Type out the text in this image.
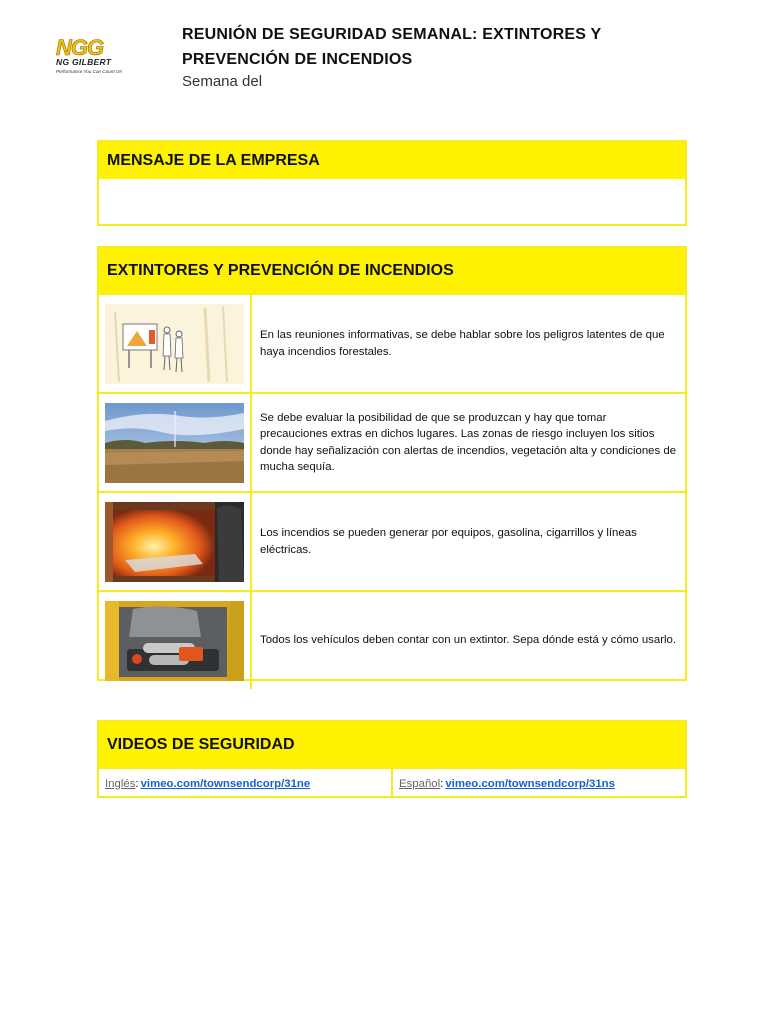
NGG
NG GILBERT
Performance You Can Count On
REUNIÓN DE SEGURIDAD SEMANAL: EXTINTORES Y PREVENCIÓN DE INCENDIOS
Semana del
MENSAJE DE LA EMPRESA
EXTINTORES Y PREVENCIÓN DE INCENDIOS
En las reuniones informativas, se debe hablar sobre los peligros latentes de que haya incendios forestales.
Se debe evaluar la posibilidad de que se produzcan y hay que tomar precauciones extras en dichos lugares. Las zonas de riesgo incluyen los sitios donde hay señalización con alertas de incendios, vegetación alta y condiciones de mucha sequía.
Los incendios se pueden generar por equipos, gasolina, cigarrillos y líneas eléctricas.
Todos los vehículos deben contar con un extintor. Sepa dónde está y cómo usarlo.
VIDEOS DE SEGURIDAD
Inglés : vimeo.com/townsendcorp/31ne	Español : vimeo.com/townsendcorp/31ns
